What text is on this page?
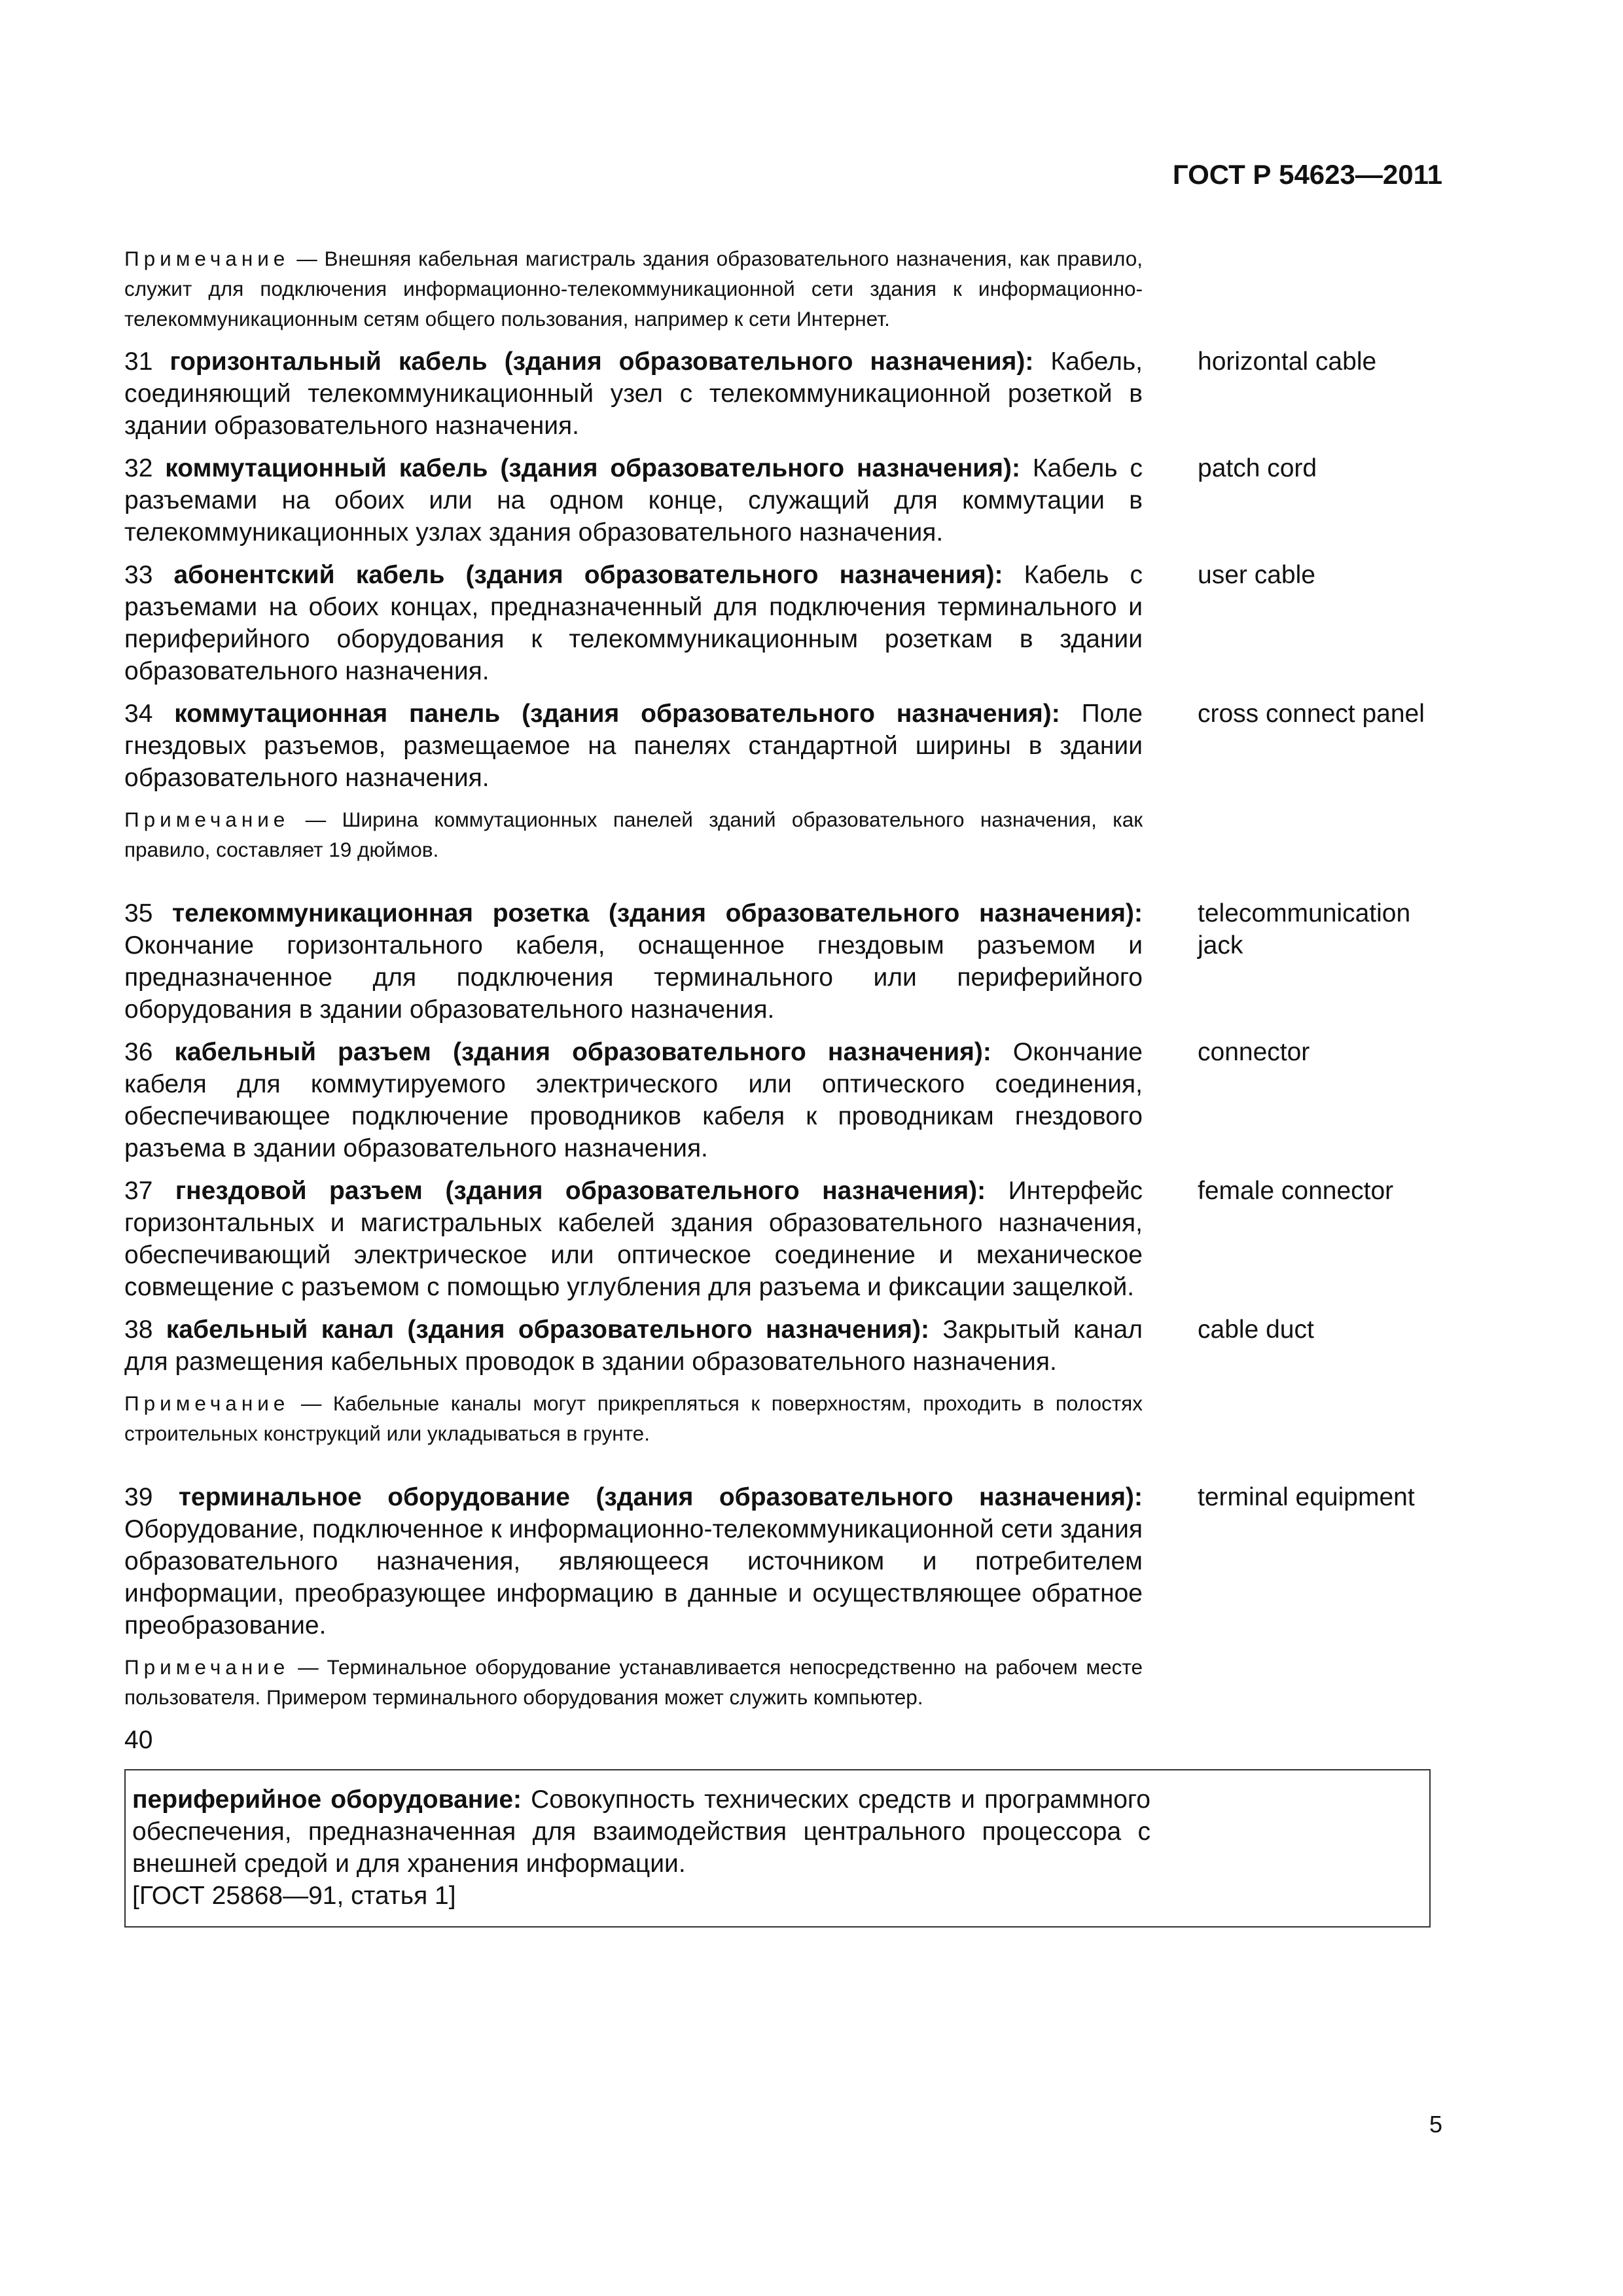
ГОСТ Р 54623—2011
Примечание — Внешняя кабельная магистраль здания образовательного назначения, как правило, служит для подключения информационно-телекоммуникационной сети здания к информационно-телекоммуникационным сетям общего пользования, например к сети Интернет.
31 горизонтальный кабель (здания образовательного назначения): Кабель, соединяющий телекоммуникационный узел с телекоммуникационной розеткой в здании образовательного назначения.
horizontal cable
32 коммутационный кабель (здания образовательного назначения): Кабель с разъемами на обоих или на одном конце, служащий для коммутации в телекоммуникационных узлах здания образовательного назначения.
patch cord
33 абонентский кабель (здания образовательного назначения): Кабель с разъемами на обоих концах, предназначенный для подключения терминального и периферийного оборудования к телекоммуникационным розеткам в здании образовательного назначения.
user cable
34 коммутационная панель (здания образовательного назначения): Поле гнездовых разъемов, размещаемое на панелях стандартной ширины в здании образовательного назначения.
cross connect panel
Примечание — Ширина коммутационных панелей зданий образовательного назначения, как правило, составляет 19 дюймов.
35 телекоммуникационная розетка (здания образовательного назначения): Окончание горизонтального кабеля, оснащенное гнездовым разъемом и предназначенное для подключения терминального или периферийного оборудования в здании образовательного назначения.
telecommunication jack
36 кабельный разъем (здания образовательного назначения): Окончание кабеля для коммутируемого электрического или оптического соединения, обеспечивающее подключение проводников кабеля к проводникам гнездового разъема в здании образовательного назначения.
connector
37 гнездовой разъем (здания образовательного назначения): Интерфейс горизонтальных и магистральных кабелей здания образовательного назначения, обеспечивающий электрическое или оптическое соединение и механическое совмещение с разъемом с помощью углубления для разъема и фиксации защелкой.
female connector
38 кабельный канал (здания образовательного назначения): Закрытый канал для размещения кабельных проводок в здании образовательного назначения.
cable duct
Примечание — Кабельные каналы могут прикрепляться к поверхностям, проходить в полостях строительных конструкций или укладываться в грунте.
39 терминальное оборудование (здания образовательного назначения): Оборудование, подключенное к информационно-телекоммуникационной сети здания образовательного назначения, являющееся источником и потребителем информации, преобразующее информацию в данные и осуществляющее обратное преобразование.
terminal equipment
Примечание — Терминальное оборудование устанавливается непосредственно на рабочем месте пользователя. Примером терминального оборудования может служить компьютер.
40
периферийное оборудование: Совокупность технических средств и программного обеспечения, предназначенная для взаимодействия центрального процессора с внешней средой и для хранения информации.
[ГОСТ 25868—91, статья 1]
5
